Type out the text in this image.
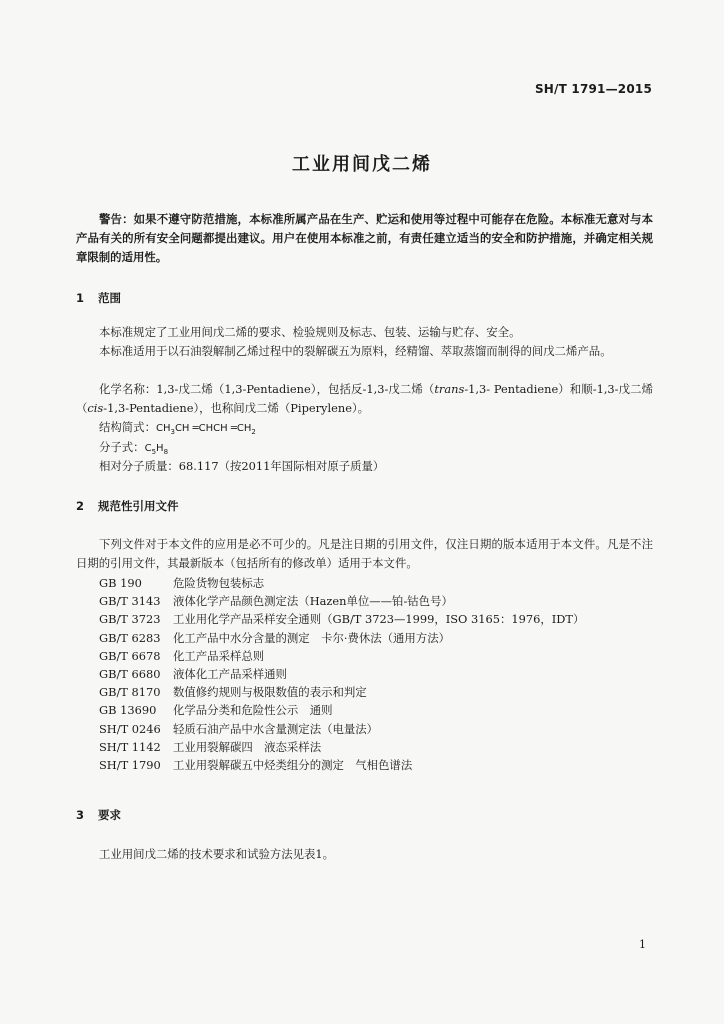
SH/T 1791—2015
工业用间戊二烯
警告：如果不遵守防范措施，本标准所属产品在生产、贮运和使用等过程中可能存在危险。本标准无意对与本产品有关的所有安全问题都提出建议。用户在使用本标准之前，有责任建立适当的安全和防护措施，并确定相关规章限制的适用性。
1 范围
本标准规定了工业用间戊二烯的要求、检验规则及标志、包装、运输与贮存、安全。
本标准适用于以石油裂解制乙烯过程中的裂解碳五为原料，经精馏、萃取蒸馏而制得的间戊二烯产品。
化学名称：1,3-戊二烯（1,3-Pentadiene），包括反-1,3-戊二烯（trans-1,3- Pentadiene）和顺-1,3-戊二烯（cis-1,3-Pentadiene），也称间戊二烯（Piperylene）。
结构简式：$CH_3CH$ ═CHCH $═CH_2$
分子式：$C_5H_8$
相对分子质量：68.117（按2011年国际相对原子质量）
2 规范性引用文件
下列文件对于本文件的应用是必不可少的。凡是注日期的引用文件，仅注日期的版本适用于本文件。凡是不注日期的引用文件，其最新版本（包括所有的修改单）适用于本文件。
GB 190	危险货物包装标志
GB/T 3143 液体化学产品颜色测定法（Hazen单位——铂-钴色号）
GB/T 3723 工业用化学产品采样安全通则（GB/T 3723—1999，ISO 3165：1976，IDT）
GB/T 6283 化工产品中水分含量的测定　卡尔·费休法（通用方法）
GB/T 6678 化工产品采样总则
GB/T 6680 液体化工产品采样通则
GB/T 8170 数值修约规则与极限数值的表示和判定
GB 13690 化学品分类和危险性公示　通则
SH/T 0246 轻质石油产品中水含量测定法（电量法）
SH/T 1142 工业用裂解碳四　液态采样法
SH/T 1790 工业用裂解碳五中烃类组分的测定　气相色谱法
3 要求
工业用间戊二烯的技术要求和试验方法见表1。
1
